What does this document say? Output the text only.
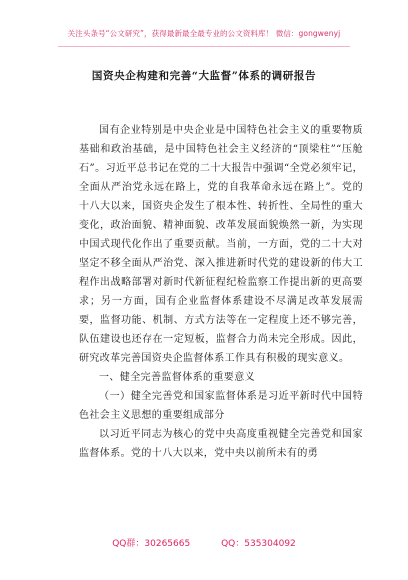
关注头条号“公文研究”，获得最新最全最专业的公文资料库！ 微信：gongwenyj
国资央企构建和完善“大监督”体系的调研报告

国有企业特别是中央企业是中国特色社会主义的重要物质基础和政治基础，是中国特色社会主义经济的“顶梁柱”“压舱石”。习近平总书记在党的二十大报告中强调“全党必须牢记，全面从严治党永远在路上，党的自我革命永远在路上”。党的十八大以来，国资央企发生了根本性、转折性、全局性的重大变化，政治面貌、精神面貌、改革发展面貌焕然一新，为实现中国式现代化作出了重要贡献。当前，一方面，党的二十大对坚定不移全面从严治党、深入推进新时代党的建设新的伟大工程作出战略部署对新时代新征程纪检监察工作提出新的更高要求；另一方面，国有企业监督体系建设不尽满足改革发展需要，监督功能、机制、方式方法等在一定程度上还不够完善，队伍建设也还存在一定短板，监督合力尚未完全形成。因此，研究改革完善国资央企监督体系工作具有积极的现实意义。

一、健全完善监督体系的重要意义

（一）健全完善党和国家监督体系是习近平新时代中国特色社会主义思想的重要组成部分

以习近平同志为核心的党中央高度重视健全完善党和国家监督体系。党的十八大以来，党中央以前所未有的勇

QQ群：30265665	QQ：535304092
